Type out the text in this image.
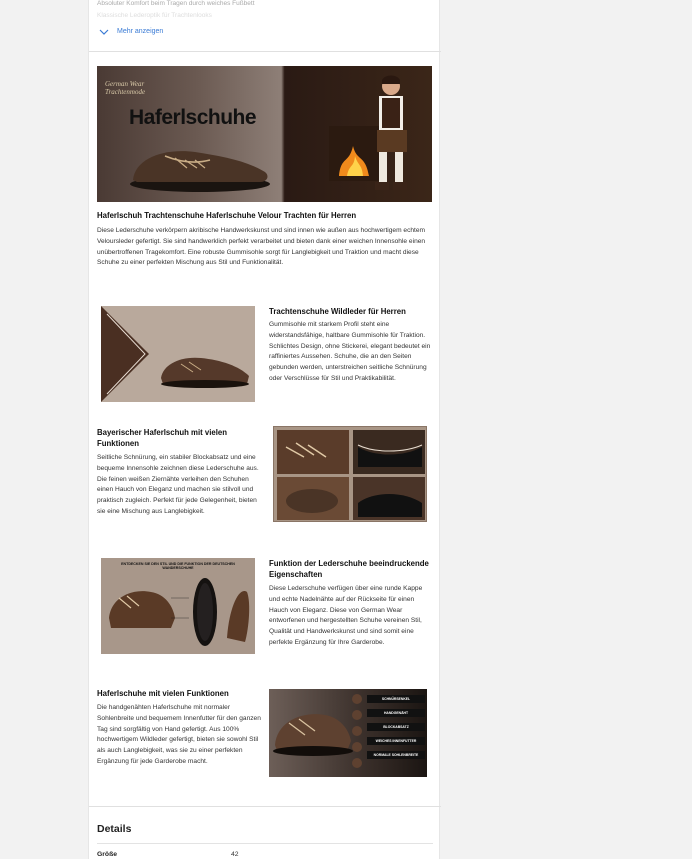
Absoluter Komfort beim Tragen durch weiches Fußbett
Klassische Lederoptik für Trachtenlooks
Mehr anzeigen
German Wear
Trachtenmode
Haferlschuhe
Haferlschuh Trachtenschuhe Haferlschuhe Velour Trachten für Herren
Diese Lederschuhe verkörpern akribische Handwerkskunst und sind innen wie außen aus hochwertigem echtem Veloursleder gefertigt. Sie sind handwerklich perfekt verarbeitet und bieten dank einer weichen Innensohle einen unübertroffenen Tragekomfort. Eine robuste Gummisohle sorgt für Langlebigkeit und Traktion und macht diese Schuhe zu einer perfekten Mischung aus Stil und Funktionalität.
Trachtenschuhe Wildleder für Herren
Gummisohle mit starkem Profil steht eine widerstandsfähige, haltbare Gummisohle für Traktion. Schlichtes Design, ohne Stickerei, elegant bedeutet ein raffiniertes Aussehen. Schuhe, die an den Seiten gebunden werden, unterstreichen seitliche Schnürung oder Verschlüsse für Stil und Praktikabilität.
Bayerischer Haferlschuh mit vielen Funktionen
Seitliche Schnürung, ein stabiler Blockabsatz und eine bequeme Innensohle zeichnen diese Lederschuhe aus. Die feinen weißen Ziernähte verleihen den Schuhen einen Hauch von Eleganz und machen sie stilvoll und praktisch zugleich. Perfekt für jede Gelegenheit, bieten sie eine Mischung aus Langlebigkeit.
ENTDECKEN SIE DEN STIL UND DIE FUNKTION DER DEUTSCHEN WANDERSCHUHE
Funktion der Lederschuhe beeindruckende Eigenschaften
Diese Lederschuhe verfügen über eine runde Kappe und echte Nadelnähte auf der Rückseite für einen Hauch von Eleganz. Diese von German Wear entworfenen und hergestellten Schuhe vereinen Stil, Qualität und Handwerkskunst und sind somit eine perfekte Ergänzung für Ihre Garderobe.
Haferlschuhe mit vielen Funktionen
Die handgenähten Haferlschuhe mit normaler Sohlenbreite und bequemem Innenfutter für den ganzen Tag sind sorgfältig von Hand gefertigt. Aus 100% hochwertigem Wildleder gefertigt, bieten sie sowohl Stil als auch Langlebigkeit, was sie zu einer perfekten Ergänzung für jede Garderobe macht.
SCHNÜRSENKEL
HANDGENÄHT
BLOCKABSATZ
WEICHES INNENFUTTER
NORMALE SOHLENBREITE
Details
Größe	42
